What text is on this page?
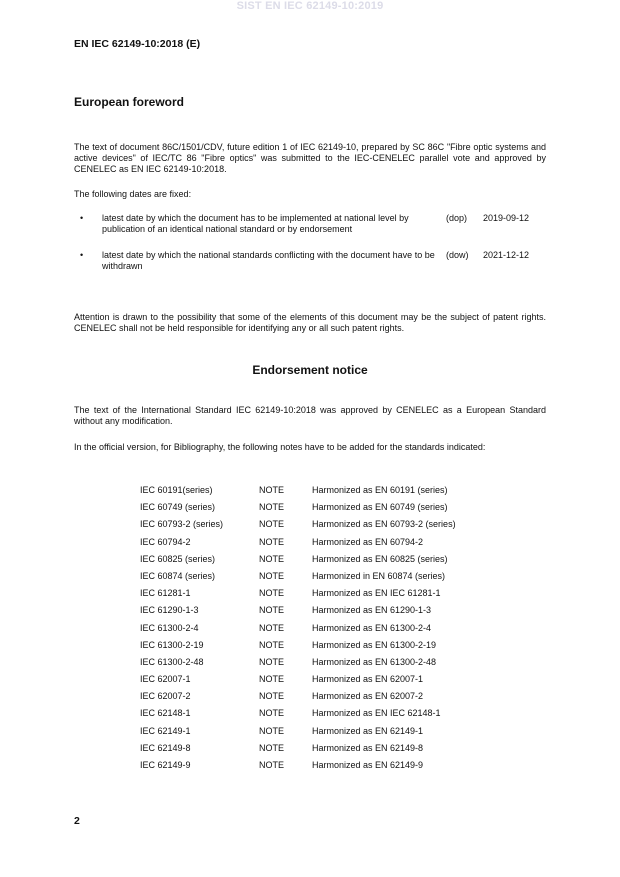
SIST EN IEC 62149-10:2019
EN IEC 62149-10:2018 (E)
European foreword
The text of document 86C/1501/CDV, future edition 1 of IEC 62149-10, prepared by SC 86C "Fibre optic systems and active devices" of IEC/TC 86 "Fibre optics" was submitted to the IEC-CENELEC parallel vote and approved by CENELEC as EN IEC 62149-10:2018.
The following dates are fixed:
• latest date by which the document has to be implemented at national level by publication of an identical national standard or by endorsement
(dop) 2019-09-12
• latest date by which the national standards conflicting with the document have to be withdrawn
(dow) 2021-12-12
Attention is drawn to the possibility that some of the elements of this document may be the subject of patent rights. CENELEC shall not be held responsible for identifying any or all such patent rights.
Endorsement notice
The text of the International Standard IEC 62149-10:2018 was approved by CENELEC as a European Standard without any modification.
In the official version, for Bibliography, the following notes have to be added for the standards indicated:
IEC 60191(series)	NOTE	Harmonized as EN 60191 (series)
IEC 60749 (series)	NOTE	Harmonized as EN 60749 (series)
IEC 60793-2 (series)	NOTE	Harmonized as EN 60793-2 (series)
IEC 60794-2	NOTE	Harmonized as EN 60794-2
IEC 60825 (series)	NOTE	Harmonized as EN 60825 (series)
IEC 60874 (series)	NOTE	Harmonized in EN 60874 (series)
IEC 61281-1	NOTE	Harmonized as EN IEC 61281-1
IEC 61290-1-3	NOTE	Harmonized as EN 61290-1-3
IEC 61300-2-4	NOTE	Harmonized as EN 61300-2-4
IEC 61300-2-19	NOTE	Harmonized as EN 61300-2-19
IEC 61300-2-48	NOTE	Harmonized as EN 61300-2-48
IEC 62007-1	NOTE	Harmonized as EN 62007-1
IEC 62007-2	NOTE	Harmonized as EN 62007-2
IEC 62148-1	NOTE	Harmonized as EN IEC 62148-1
IEC 62149-1	NOTE	Harmonized as EN 62149-1
IEC 62149-8	NOTE	Harmonized as EN 62149-8
IEC 62149-9	NOTE	Harmonized as EN 62149-9
2
